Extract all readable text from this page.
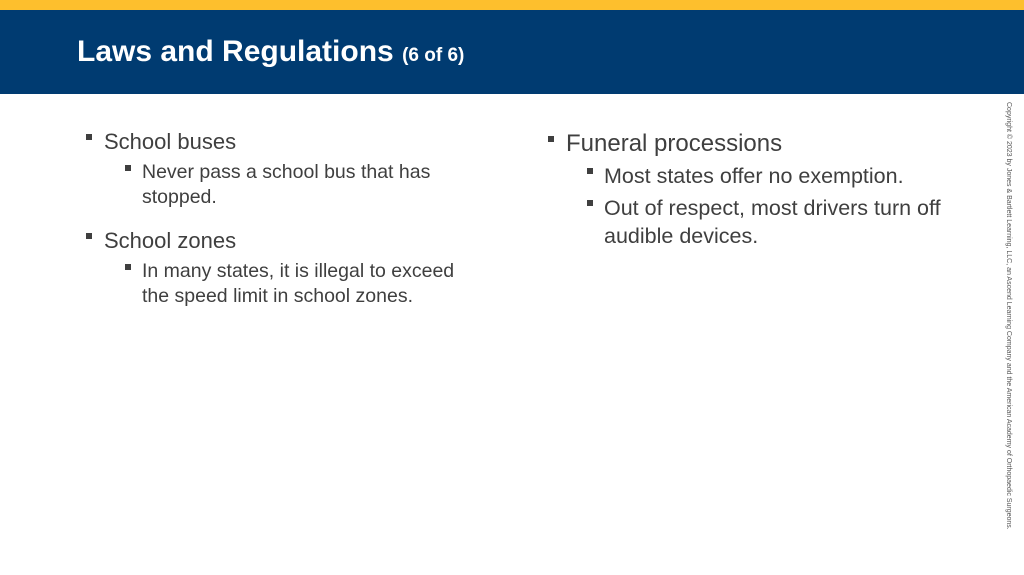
Laws and Regulations (6 of 6)
School buses
Never pass a school bus that has stopped.
School zones
In many states, it is illegal to exceed the speed limit in school zones.
Funeral processions
Most states offer no exemption.
Out of respect, most drivers turn off audible devices.	Copyright © 2023 by Jones & Bartlett Learning, LLC, an Ascend Learning Company and the American Academy of Orthopaedic Surgeons.
